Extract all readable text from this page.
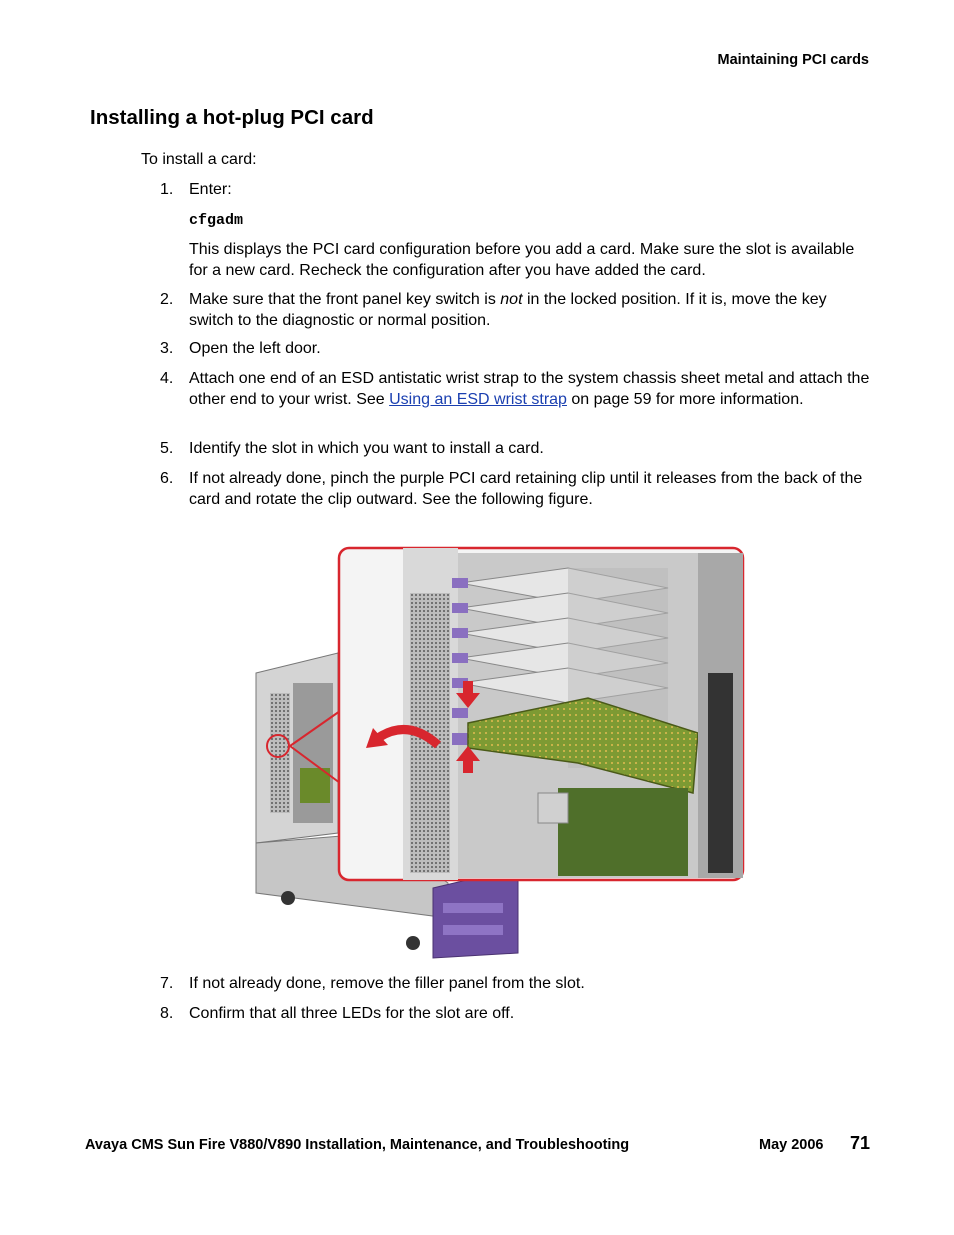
Maintaining PCI cards
Installing a hot-plug PCI card

To install a card:

1. Enter:
cfgadm
This displays the PCI card configuration before you add a card. Make sure the slot is available for a new card. Recheck the configuration after you have added the card.
2. Make sure that the front panel key switch is not in the locked position. If it is, move the key switch to the diagnostic or normal position.
3. Open the left door.
4. Attach one end of an ESD antistatic wrist strap to the system chassis sheet metal and attach the other end to your wrist. See Using an ESD wrist strap on page 59 for more information.
5. Identify the slot in which you want to install a card.
6. If not already done, pinch the purple PCI card retaining clip until it releases from the back of the card and rotate the clip outward. See the following figure.
7. If not already done, remove the filler panel from the slot.
8. Confirm that all three LEDs for the slot are off.
Avaya CMS Sun Fire V880/V890 Installation, Maintenance, and Troubleshooting	May 2006 71
